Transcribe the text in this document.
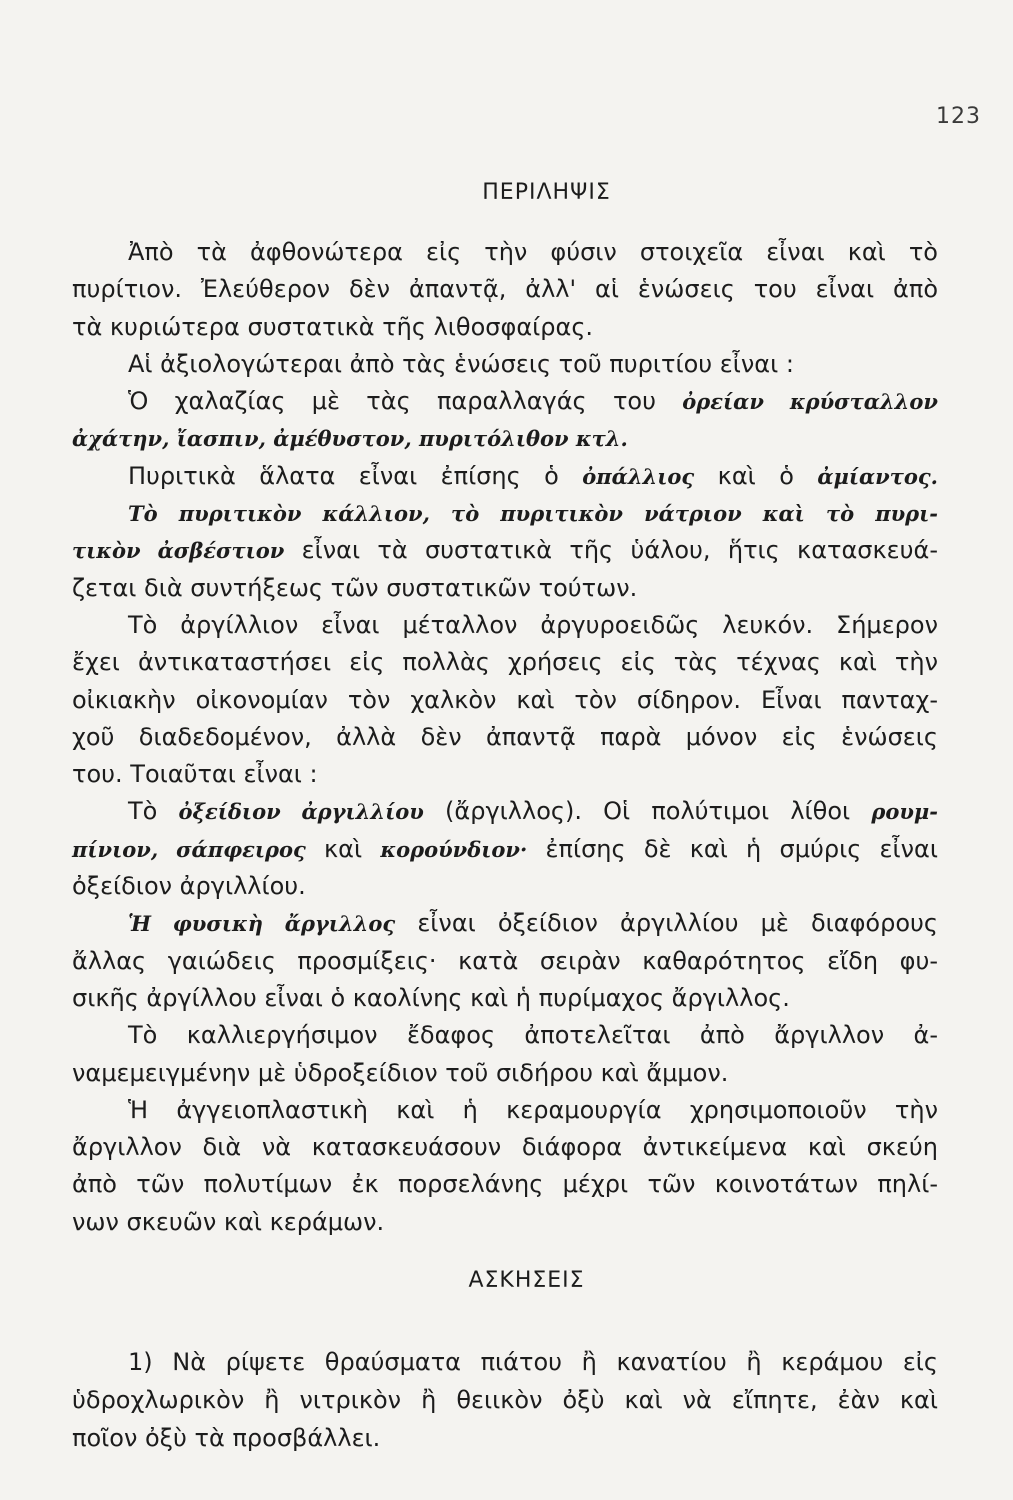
123
ΠΕΡΙΛΗΨΙΣ
Ἀπὸ τὰ ἀφθονώτερα εἰς τὴν φύσιν στοιχεῖα εἶναι καὶ τὸ
πυρίτιον. Ἐλεύθερον δὲν ἀπαντᾷ, ἀλλ' αἱ ἑνώσεις του εἶναι ἀπὸ
τὰ κυριώτερα συστατικὰ τῆς λιθοσφαίρας.
Αἱ ἀξιολογώτεραι ἀπὸ τὰς ἑνώσεις τοῦ πυριτίου εἶναι :
Ὁ χαλαζίας μὲ τὰς παραλλαγάς του ὀρείαν κρύσταλλον
ἀχάτην, ἴασπιν, ἀμέθυστον, πυριτόλιθον κτλ.
Πυριτικὰ ἅλατα εἶναι ἐπίσης ὁ ὀπάλλιος καὶ ὁ ἀμίαντος.
Τὸ πυριτικὸν κάλλιον, τὸ πυριτικὸν νάτριον καὶ τὸ πυρι-
τικὸν ἀσβέστιον εἶναι τὰ συστατικὰ τῆς ὑάλου, ἥτις κατασκευά-
ζεται διὰ συντήξεως τῶν συστατικῶν τούτων.
Τὸ ἀργίλλιον εἶναι μέταλλον ἀργυροειδῶς λευκόν. Σήμερον
ἔχει ἀντικαταστήσει εἰς πολλὰς χρήσεις εἰς τὰς τέχνας καὶ τὴν
οἰκιακὴν οἰκονομίαν τὸν χαλκὸν καὶ τὸν σίδηρον. Εἶναι πανταχ-
χοῦ διαδεδομένον, ἀλλὰ δὲν ἀπαντᾷ παρὰ μόνον εἰς ἑνώσεις
του. Τοιαῦται εἶναι :
Τὸ ὀξείδιον ἀργιλλίου (ἄργιλλος). Οἱ πολύτιμοι λίθοι ρουμ-
πίνιον, σάπφειρος καὶ κορούνδιον· ἐπίσης δὲ καὶ ἡ σμύρις εἶναι
ὀξείδιον ἀργιλλίου.
Ἡ φυσικὴ ἄργιλλος εἶναι ὀξείδιον ἀργιλλίου μὲ διαφόρους
ἄλλας γαιώδεις προσμίξεις· κατὰ σειρὰν καθαρότητος εἴδη φυ-
σικῆς ἀργίλλου εἶναι ὁ καολίνης καὶ ἡ πυρίμαχος ἄργιλλος.
Τὸ καλλιεργήσιμον ἔδαφος ἀποτελεῖται ἀπὸ ἄργιλλον ἀ-
ναμεμειγμένην μὲ ὑδροξείδιον τοῦ σιδήρου καὶ ἄμμον.
Ἡ ἀγγειοπλαστικὴ καὶ ἡ κεραμουργία χρησιμοποιοῦν τὴν
ἄργιλλον διὰ νὰ κατασκευάσουν διάφορα ἀντικείμενα καὶ σκεύη
ἀπὸ τῶν πολυτίμων ἐκ πορσελάνης μέχρι τῶν κοινοτάτων πηλί-
νων σκευῶν καὶ κεράμων.
ΑΣΚΗΣΕΙΣ
1) Νὰ ρίψετε θραύσματα πιάτου ἢ κανατίου ἢ κεράμου εἰς
ὑδροχλωρικὸν ἢ νιτρικὸν ἢ θειικὸν ὀξὺ καὶ νὰ εἴπητε, ἐὰν καὶ
ποῖον ὀξὺ τὰ προσβάλλει.
